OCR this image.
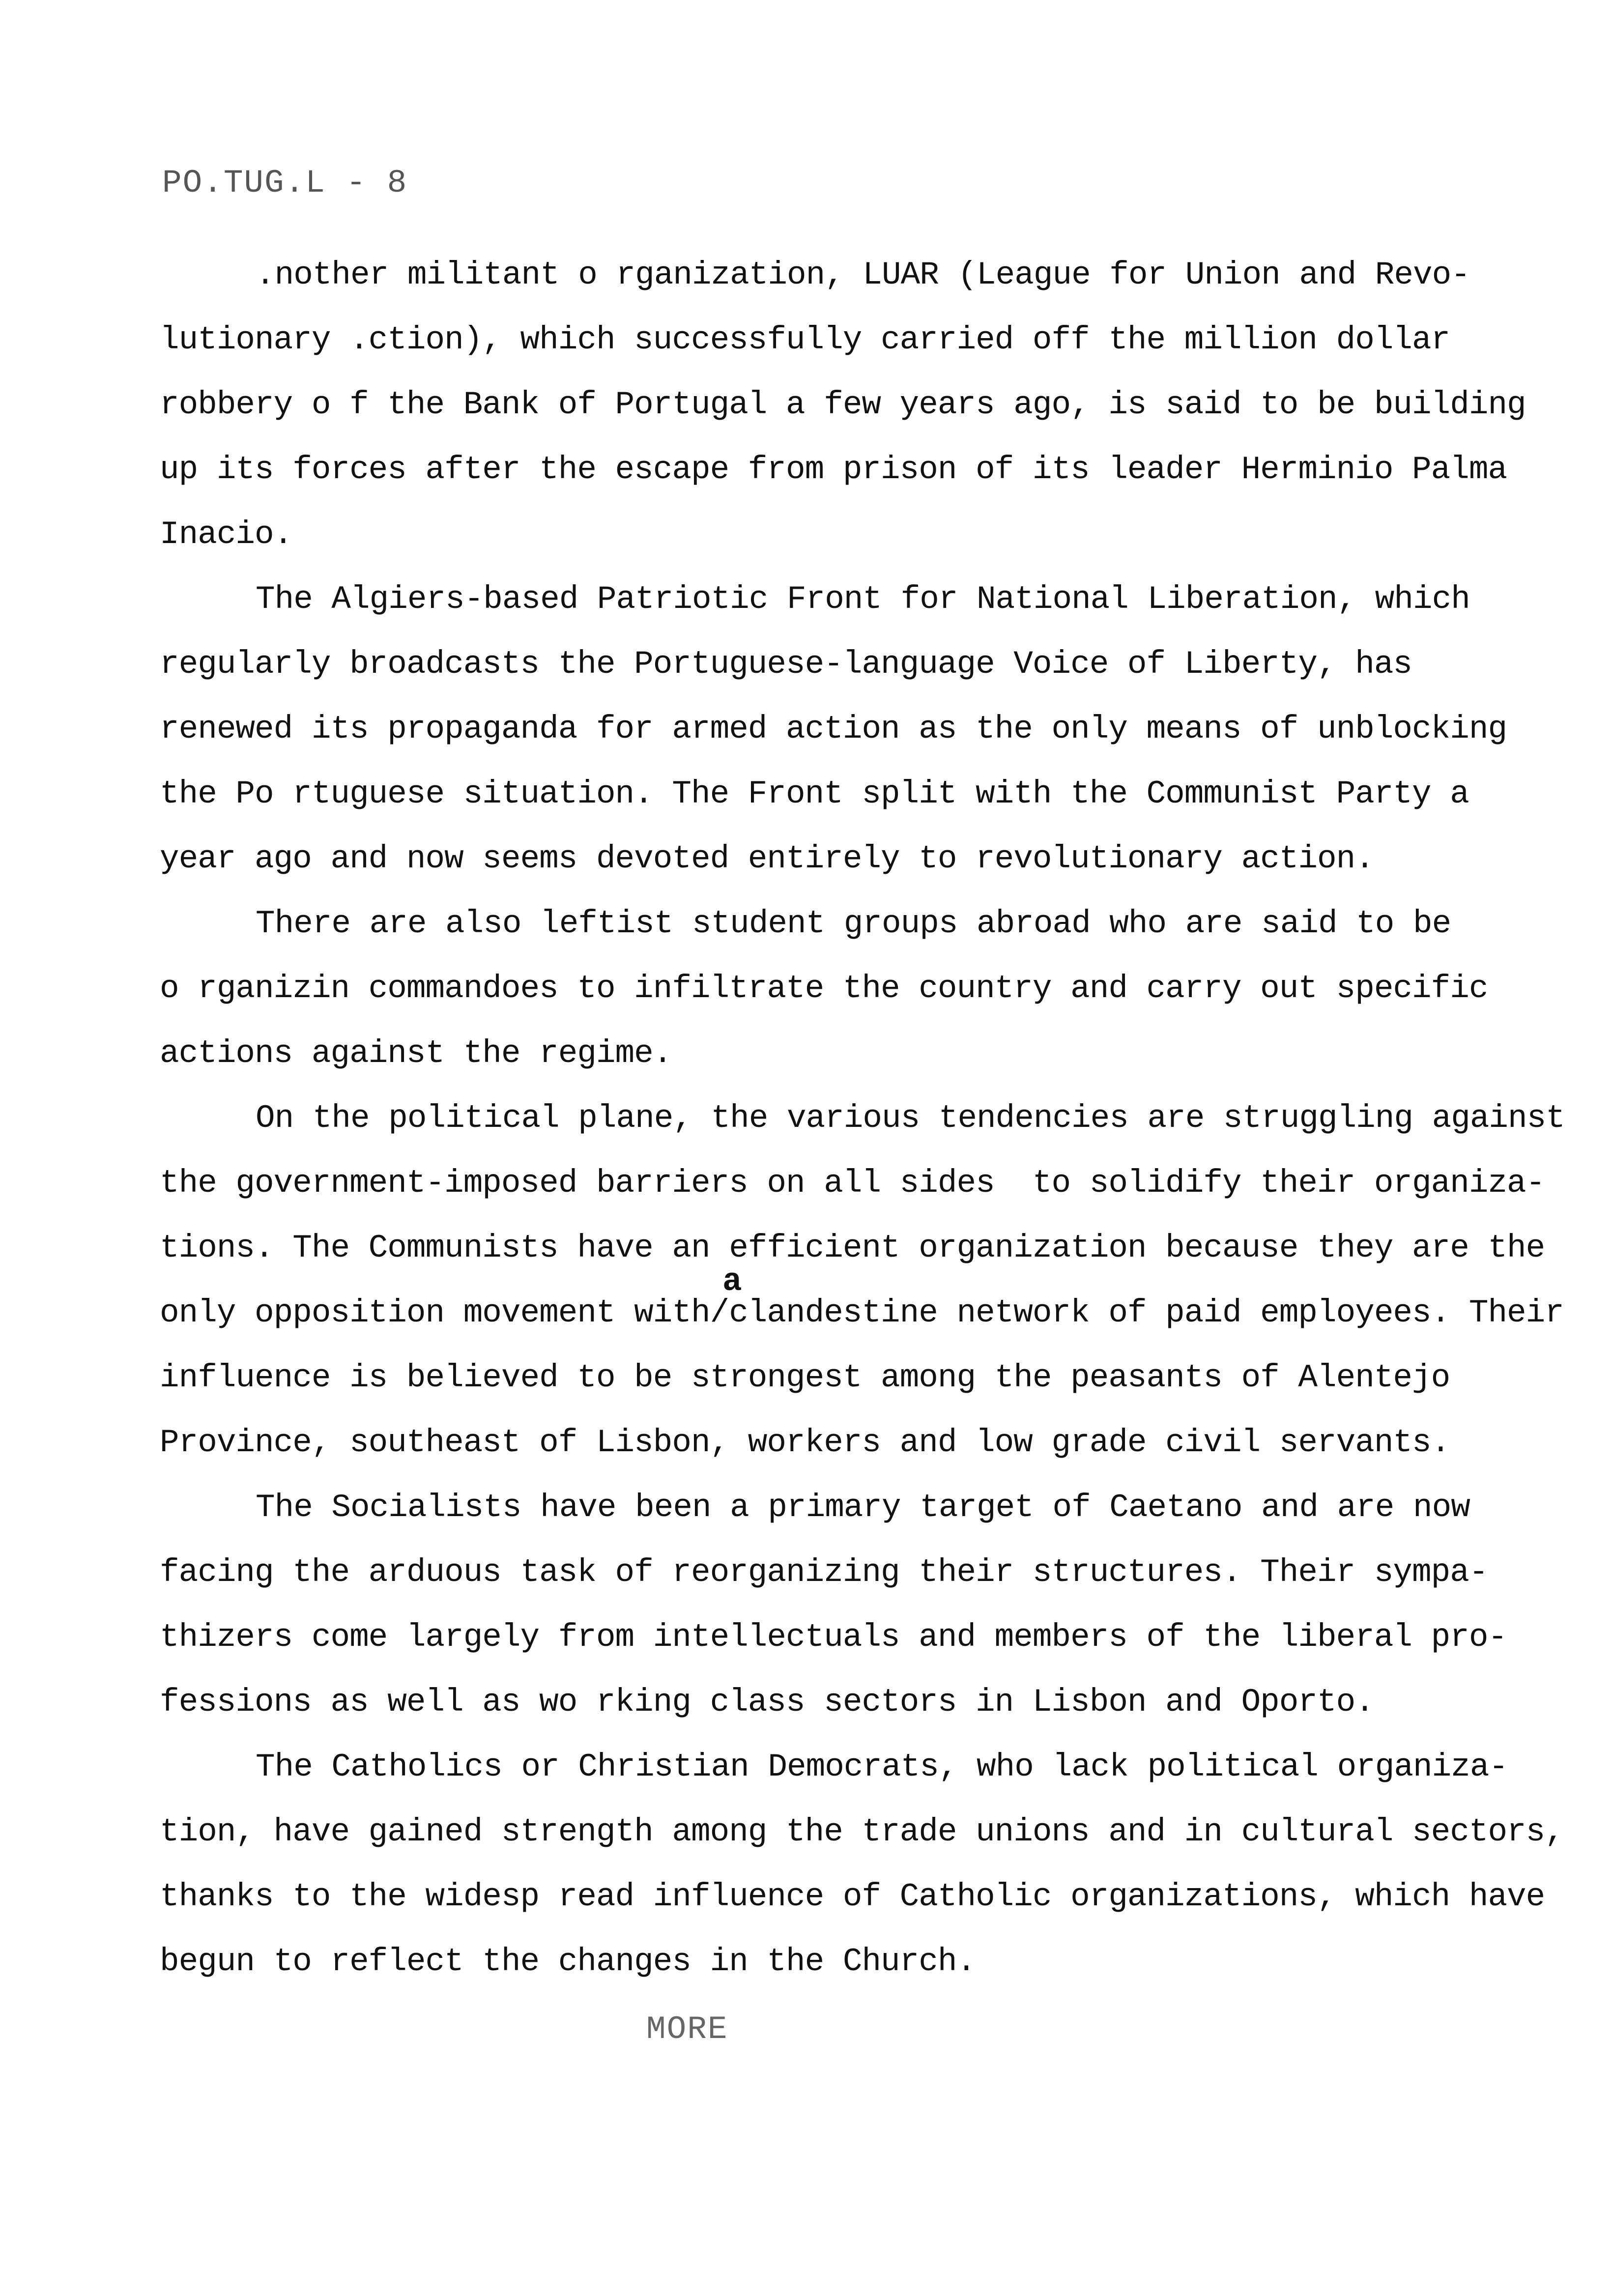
PO.TUG.L - 8
.nother militant o rganization, LUAR (League for Union and Revo-
lutionary .ction), which successfully carried off the million dollar
robbery o f the Bank of Portugal a few years ago, is said to be building
up its forces after the escape from prison of its leader Herminio Palma
Inacio.
The Algiers-based Patriotic Front for National Liberation, which
regularly broadcasts the Portuguese-language Voice of Liberty, has
renewed its propaganda for armed action as the only means of unblocking
the Po rtuguese situation. The Front split with the Communist Party a
year ago and now seems devoted entirely to revolutionary action.
There are also leftist student groups abroad who are said to be
o rganizin commandoes to infiltrate the country and carry out specific
actions against the regime.
On the political plane, the various tendencies are struggling against
the government-imposed barriers on all sides  to solidify their organiza-
tions. The Communists have an efficient organization because they are the
a
only opposition movement with/clandestine network of paid employees. Their
influence is believed to be strongest among the peasants of Alentejo
Province, southeast of Lisbon, workers and low grade civil servants.
The Socialists have been a primary target of Caetano and are now
facing the arduous task of reorganizing their structures. Their sympa-
thizers come largely from intellectuals and members of the liberal pro-
fessions as well as wo rking class sectors in Lisbon and Oporto.
The Catholics or Christian Democrats, who lack political organiza-
tion, have gained strength among the trade unions and in cultural sectors,
thanks to the widesp read influence of Catholic organizations, which have
begun to reflect the changes in the Church.
MORE
